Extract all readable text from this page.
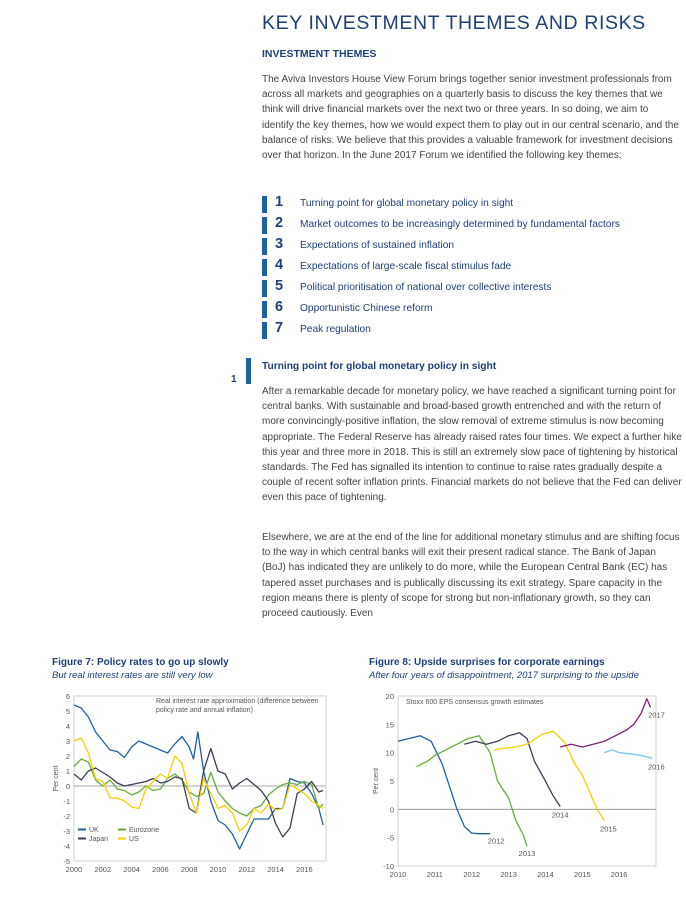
KEY INVESTMENT THEMES AND RISKS
INVESTMENT THEMES

The Aviva Investors House View Forum brings together senior investment professionals from across all markets and geographies on a quarterly basis to discuss the key themes that we think will drive financial markets over the next two or three years. In so doing, we aim to identify the key themes, how we would expect them to play out in our central scenario, and the balance of risks. We believe that this provides a valuable framework for investment decisions over that horizon. In the June 2017 Forum we identified the following key themes:

1 Turning point for global monetary policy in sight
2 Market outcomes to be increasingly determined by fundamental factors
3 Expectations of sustained inflation
4 Expectations of large-scale fiscal stimulus fade
5 Political prioritisation of national over collective interests
6 Opportunistic Chinese reform
7 Peak regulation
1
Turning point for global monetary policy in sight

After a remarkable decade for monetary policy, we have reached a significant turning point for central banks. With sustainable and broad-based growth entrenched and with the return of more convincingly-positive inflation, the slow removal of extreme stimulus is now becoming appropriate. The Federal Reserve has already raised rates four times. We expect a further hike this year and three more in 2018. This is still an extremely slow pace of tightening by historical standards. The Fed has signalled its intention to continue to raise rates gradually despite a couple of recent softer inflation prints. Financial markets do not believe that the Fed can deliver even this pace of tightening.

Elsewhere, we are at the end of the line for additional monetary stimulus and are shifting focus to the way in which central banks will exit their present radical stance. The Bank of Japan (BoJ) has indicated they are unlikely to do more, while the European Central Bank (EC) has tapered asset purchases and is publically discussing its exit strategy. Spare capacity in the region means there is plenty of scope for strong but non-inflationary growth, so they can proceed cautiously. Even

Figure 7: Policy rates to go up slowly
But real interest rates are still very low
Figure 8: Upside surprises for corporate earnings
After four years of disappointment, 2017 surprising to the upside
6
5
4
3
2
1
0
-1
-2
-3
-4
-5
2000 2002 2004 2006 2008 2010 2012 2014 2016
Per cent
Real interest rate approximation (difference between policy rate and annual inflation)
UK	Eurozone
Japan	US
20
15
10
5
0
-5
-10
2010	2011	2012	2013	2014	2015	2016
Per cent
Stoxx 600 EPS consensus growth estimates
2012
2013
2014
2015
2016
2017
